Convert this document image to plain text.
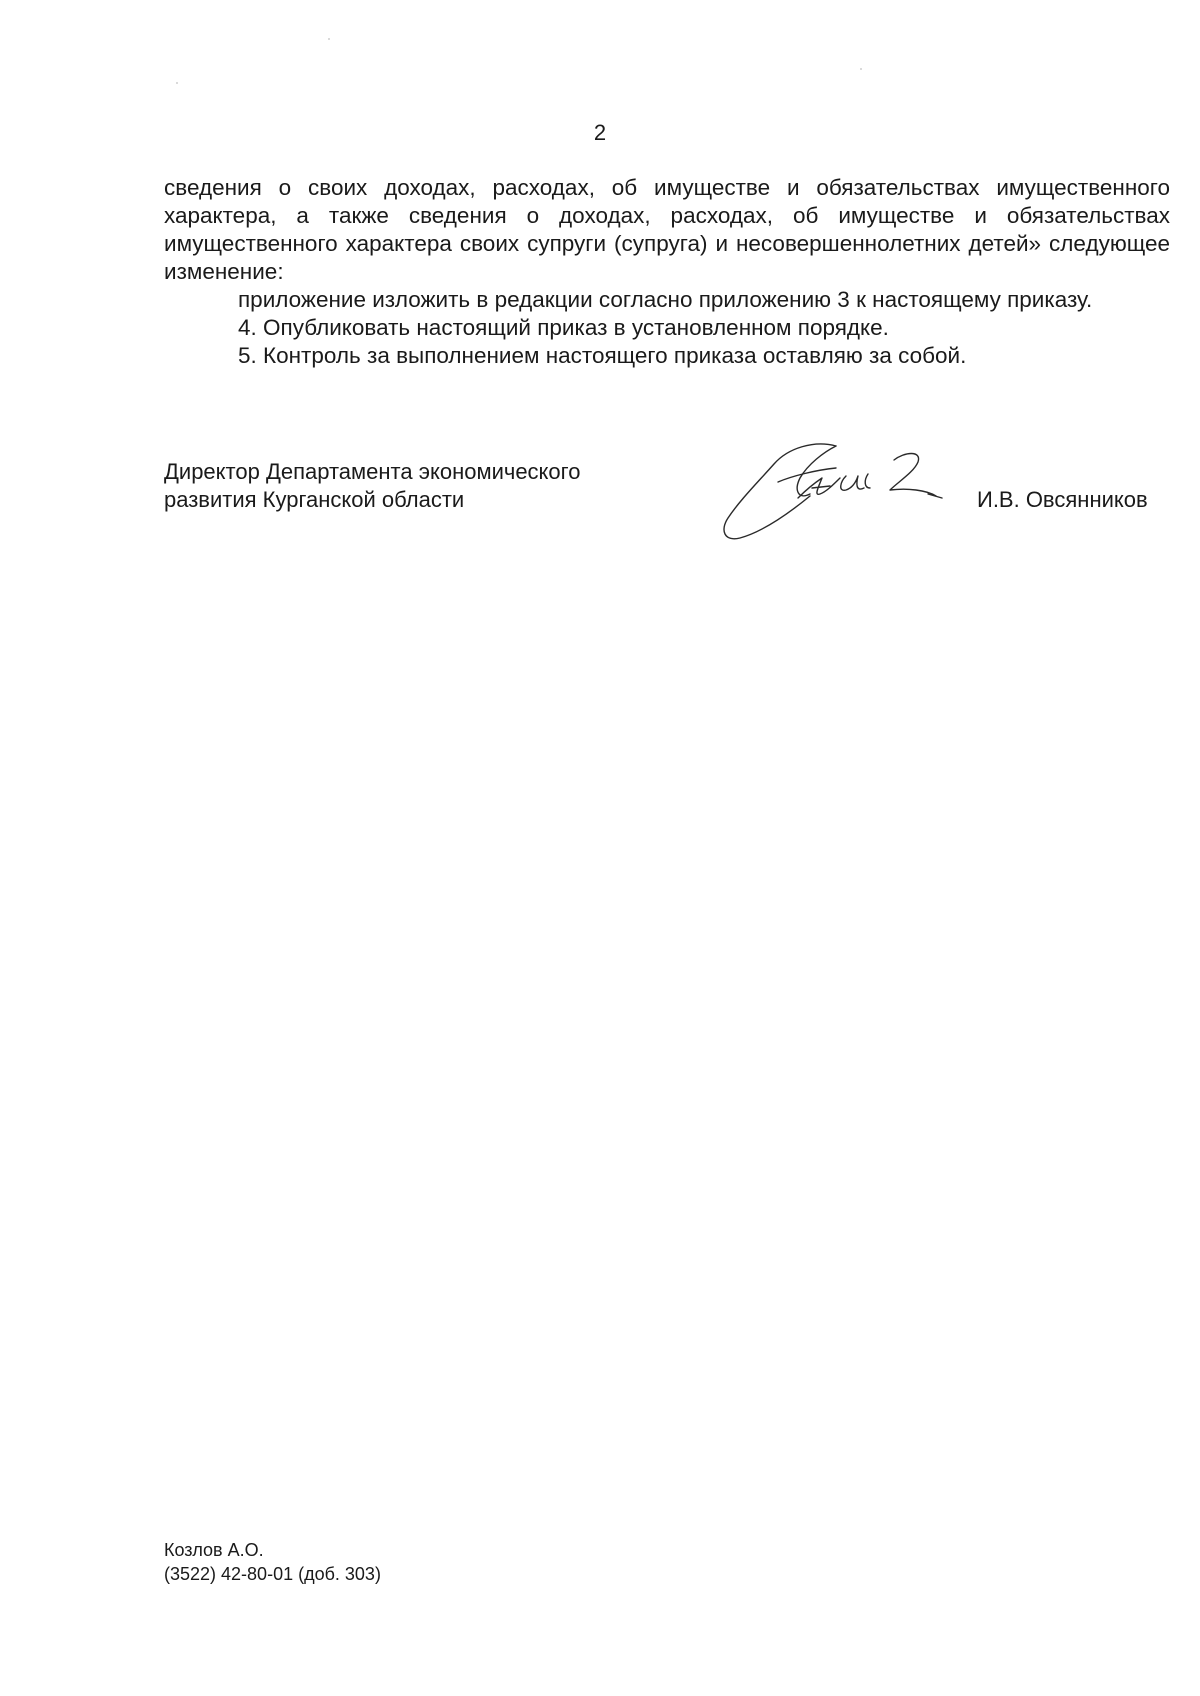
2

сведения о своих доходах, расходах, об имуществе и обязательствах имущественного характера, а также сведения о доходах, расходах, об имуществе и обязательствах имущественного характера своих супруги (супруга) и несовершеннолетних детей» следующее изменение:

приложение изложить в редакции согласно приложению 3 к настоящему приказу.

4. Опубликовать настоящий приказ в установленном порядке.

5. Контроль за выполнением настоящего приказа оставляю за собой.

Директор Департамента экономического
развития Курганской области	И.В. Овсянников
Козлов А.О.
(3522) 42-80-01 (доб. 303)
